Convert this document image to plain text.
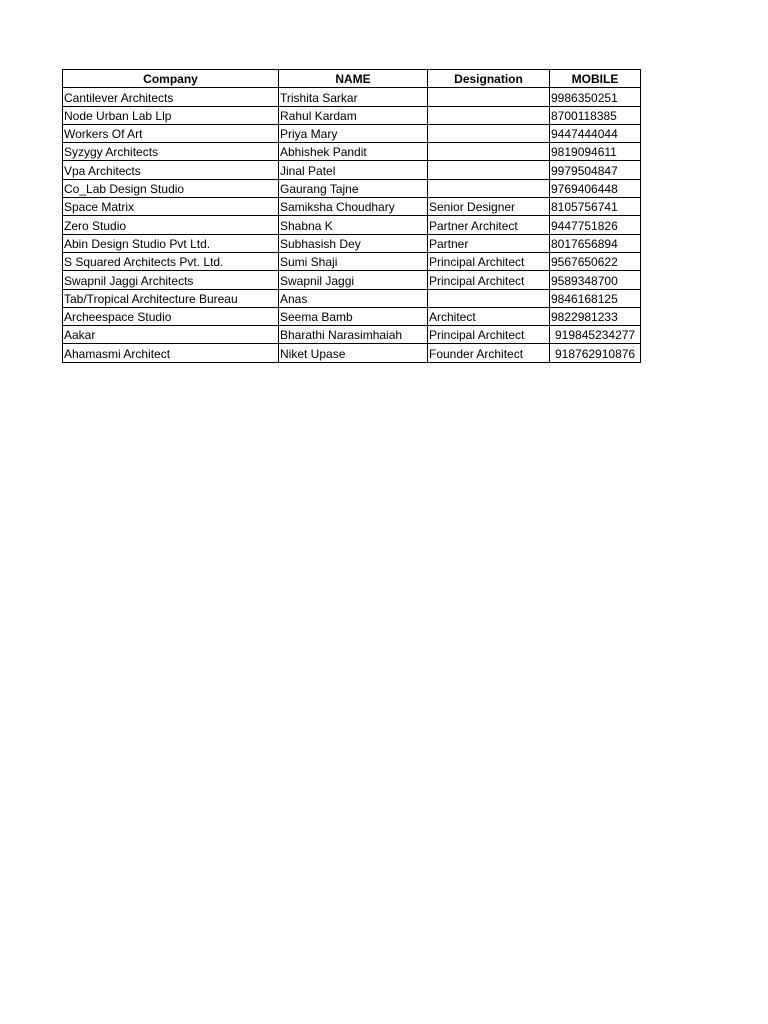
Company	NAME	Designation	MOBILE
Cantilever Architects	Trishita Sarkar		9986350251
Node Urban Lab Llp	Rahul Kardam		8700118385
Workers Of Art	Priya Mary		9447444044
Syzygy Architects	Abhishek Pandit		9819094611
Vpa Architects	Jinal Patel		9979504847
Co_Lab Design Studio	Gaurang Tajne		9769406448
Space Matrix	Samiksha Choudhary	Senior Designer	8105756741
Zero Studio	Shabna K	Partner Architect	9447751826
Abin Design Studio Pvt Ltd.	Subhasish Dey	Partner	8017656894
S Squared Architects Pvt. Ltd.	Sumi Shaji	Principal Architect	9567650622
Swapnil Jaggi Architects	Swapnil Jaggi	Principal Architect	9589348700
Tab/Tropical Architecture Bureau	Anas		9846168125
Archeespace Studio	Seema Bamb	Architect	9822981233
Aakar	Bharathi Narasimhaiah	Principal Architect	919845234277
Ahamasmi Architect	Niket Upase	Founder Architect	918762910876
